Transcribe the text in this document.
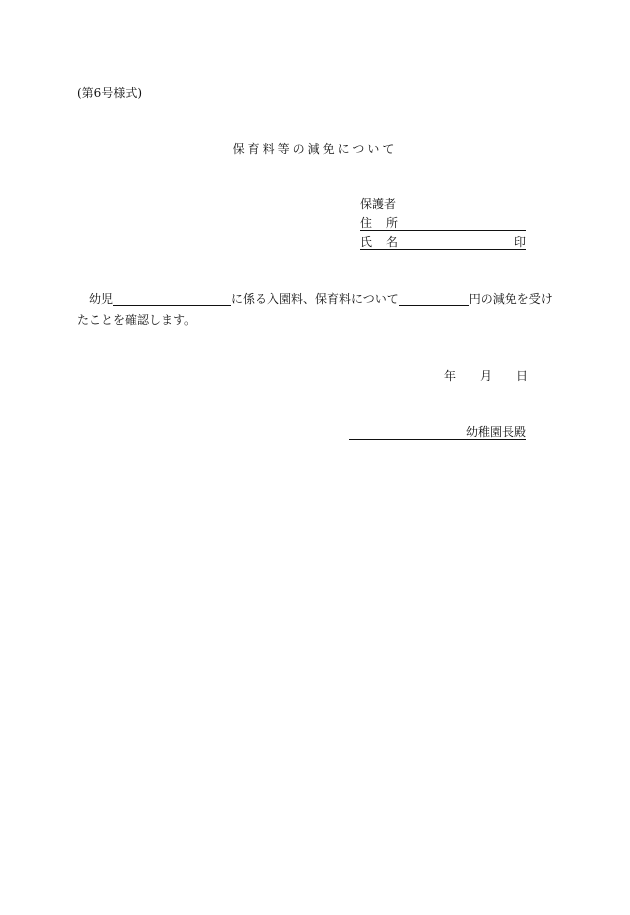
(第6号様式)
保育料等の減免について
保護者
住　所
氏　名	印
幼児	に係る入園料、保育料について	円の減免を受け
たことを確認します。
年 月 日
幼稚園長殿
